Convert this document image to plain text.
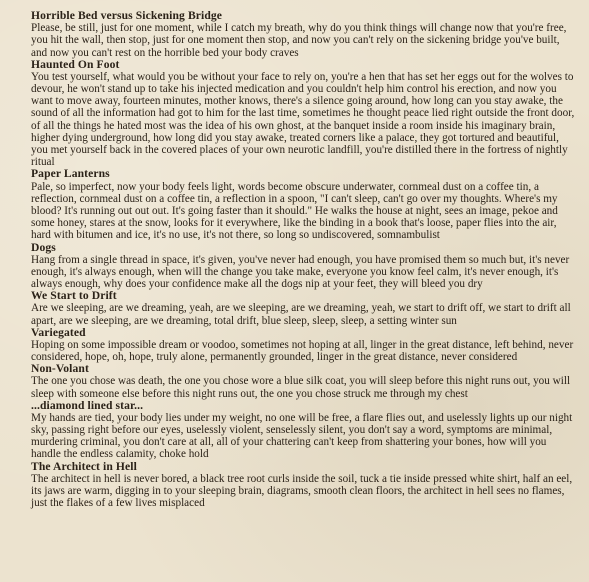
Horrible Bed versus Sickening Bridge

Please, be still, just for one moment, while I catch my breath, why do you think things will change now that you're free, you hit the wall, then stop, just for one moment then stop, and now you can't rely on the sickening bridge you've built, and now you can't rest on the horrible bed your body craves

Haunted On Foot

You test yourself, what would you be without your face to rely on, you're a hen that has set her eggs out for the wolves to devour, he won't stand up to take his injected medication and you couldn't help him control his erection, and now you want to move away, fourteen minutes, mother knows, there's a silence going around, how long can you stay awake, the sound of all the information had got to him for the last time, sometimes he thought peace lied right outside the front door, of all the things he hated most was the idea of his own ghost, at the banquet inside a room inside his imaginary brain, higher dying underground, how long did you stay awake, treated corners like a palace, they got tortured and beautiful, you met yourself back in the covered places of your own neurotic landfill, you're distilled there in the fortress of nightly ritual

Paper Lanterns

Pale, so imperfect, now your body feels light, words become obscure underwater, cornmeal dust on a coffee tin, a reflection, cornmeal dust on a coffee tin, a reflection in a spoon, "I can't sleep, can't go over my thoughts. Where's my blood? It's running out out out. It's going faster than it should." He walks the house at night, sees an image, pekoe and some honey, stares at the snow, looks for it everywhere, like the binding in a book that's loose, paper flies into the air, hard with bitumen and ice, it's no use, it's not there, so long so undiscovered, somnambulist

Dogs

Hang from a single thread in space, it's given, you've never had enough, you have promised them so much but, it's never enough, it's always enough, when will the change you take make, everyone you know feel calm, it's never enough, it's always enough, why does your confidence make all the dogs nip at your feet, they will bleed you dry

We Start to Drift

Are we sleeping, are we dreaming, yeah, are we sleeping, are we dreaming, yeah, we start to drift off, we start to drift all apart, are we sleeping, are we dreaming, total drift, blue sleep, sleep, sleep, a setting winter sun

Variegated

Hoping on some impossible dream or voodoo, sometimes not hoping at all, linger in the great distance, left behind, never considered, hope, oh, hope, truly alone, permanently grounded, linger in the great distance, never considered

Non-Volant

The one you chose was death, the one you chose wore a blue silk coat, you will sleep before this night runs out, you will sleep with someone else before this night runs out, the one you chose struck me through my chest

...diamond lined star...

My hands are tied, your body lies under my weight, no one will be free, a flare flies out, and uselessly lights up our night sky, passing right before our eyes, uselessly violent, senselessly silent, you don't say a word, symptoms are minimal, murdering criminal, you don't care at all, all of your chattering can't keep from shattering your bones, how will you handle the endless calamity, choke hold

The Architect in Hell

The architect in hell is never bored, a black tree root curls inside the soil, tuck a tie inside pressed white shirt, half an eel, its jaws are warm, digging in to your sleeping brain, diagrams, smooth clean floors, the architect in hell sees no flames, just the flakes of a few lives misplaced
